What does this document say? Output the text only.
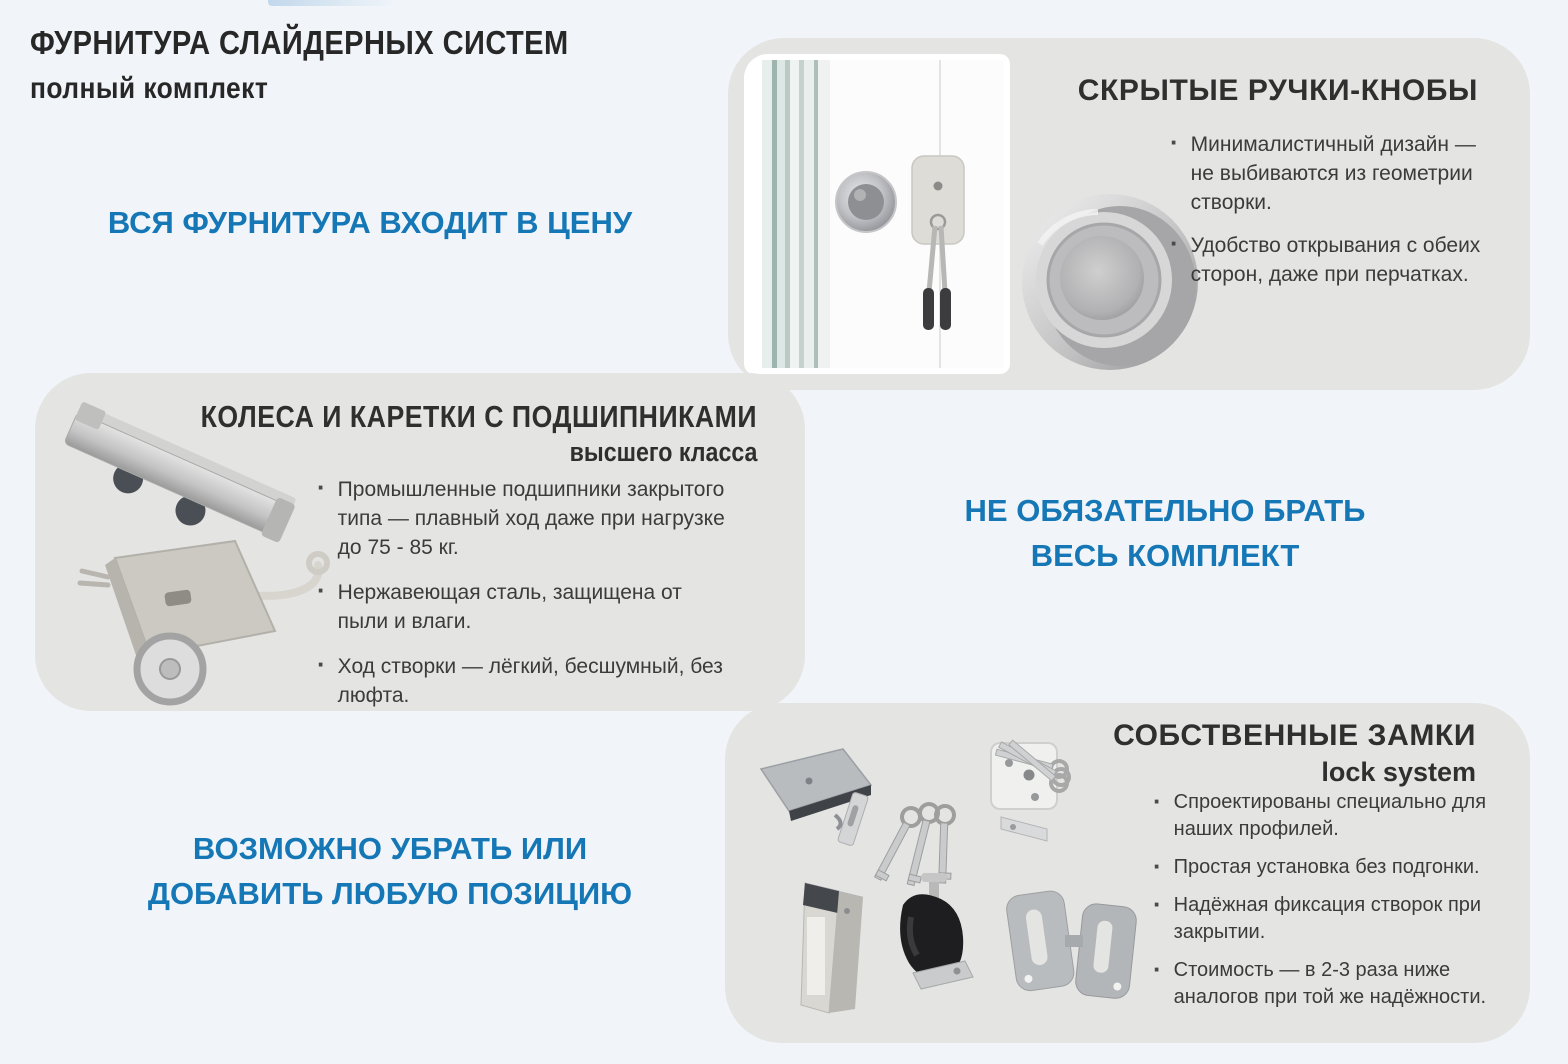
ФУРНИТУРА СЛАЙДЕРНЫХ СИСТЕМ
полный комплект
ВСЯ ФУРНИТУРА ВХОДИТ В ЦЕНУ
СКРЫТЫЕ РУЧКИ-КНОБЫ
· Минималистичный дизайн — не выбиваются из геометрии створки.
· Удобство открывания с обеих сторон, даже при перчатках.
КОЛЕСА И КАРЕТКИ С ПОДШИПНИКАМИ
высшего класса
· Промышленные подшипники закрытого типа — плавный ход даже при нагрузке до 75 - 85 кг.
· Нержавеющая сталь, защищена от пыли и влаги.
· Ход створки — лёгкий, бесшумный, без люфта.
НЕ ОБЯЗАТЕЛЬНО БРАТЬ
ВЕСЬ КОМПЛЕКТ
ВОЗМОЖНО УБРАТЬ ИЛИ
ДОБАВИТЬ ЛЮБУЮ ПОЗИЦИЮ
СОБСТВЕННЫЕ ЗАМКИ
lock system
· Спроектированы специально для наших профилей.
· Простая установка без подгонки.
· Надёжная фиксация створок при закрытии.
· Стоимость — в 2-3 раза ниже аналогов при той же надёжности.
